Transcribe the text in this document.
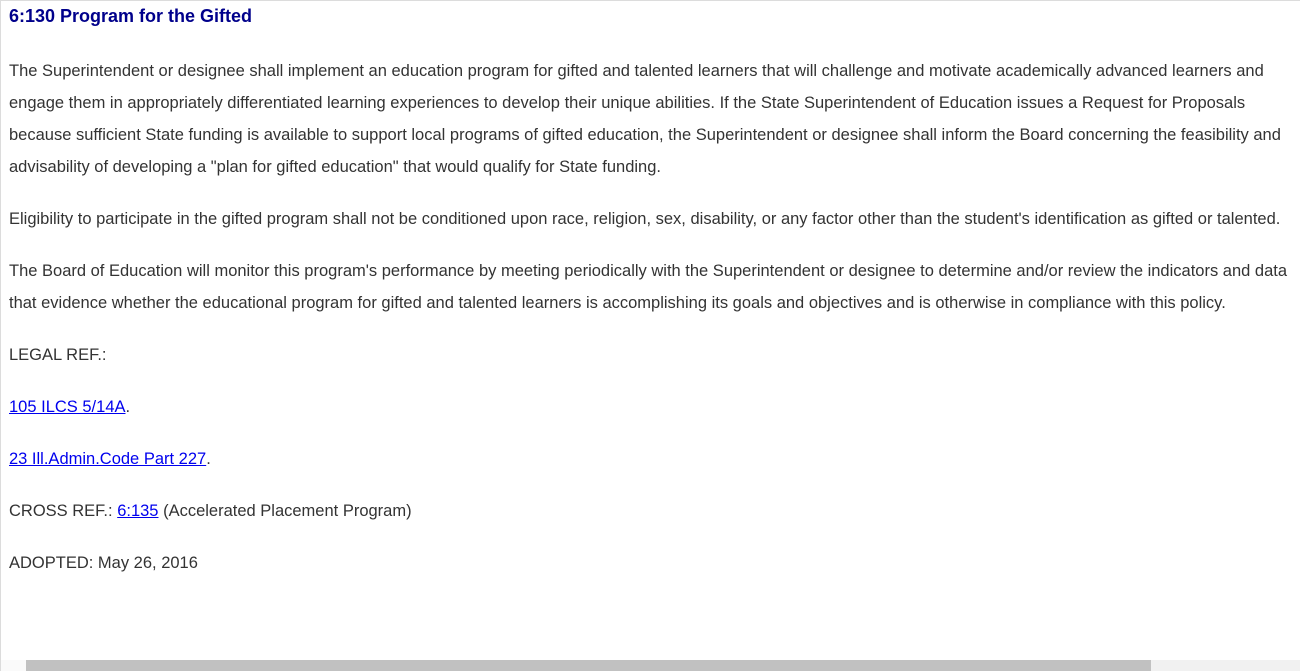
6:130 Program for the Gifted

The Superintendent or designee shall implement an education program for gifted and talented learners that will challenge and motivate academically advanced learners and engage them in appropriately differentiated learning experiences to develop their unique abilities. If the State Superintendent of Education issues a Request for Proposals because sufficient State funding is available to support local programs of gifted education, the Superintendent or designee shall inform the Board concerning the feasibility and advisability of developing a "plan for gifted education" that would qualify for State funding.

Eligibility to participate in the gifted program shall not be conditioned upon race, religion, sex, disability, or any factor other than the student's identification as gifted or talented.

The Board of Education will monitor this program's performance by meeting periodically with the Superintendent or designee to determine and/or review the indicators and data that evidence whether the educational program for gifted and talented learners is accomplishing its goals and objectives and is otherwise in compliance with this policy.

LEGAL REF.:

105 ILCS 5/14A.

23 Ill.Admin.Code Part 227.

CROSS REF.: 6:135 (Accelerated Placement Program)

ADOPTED: May 26, 2016
